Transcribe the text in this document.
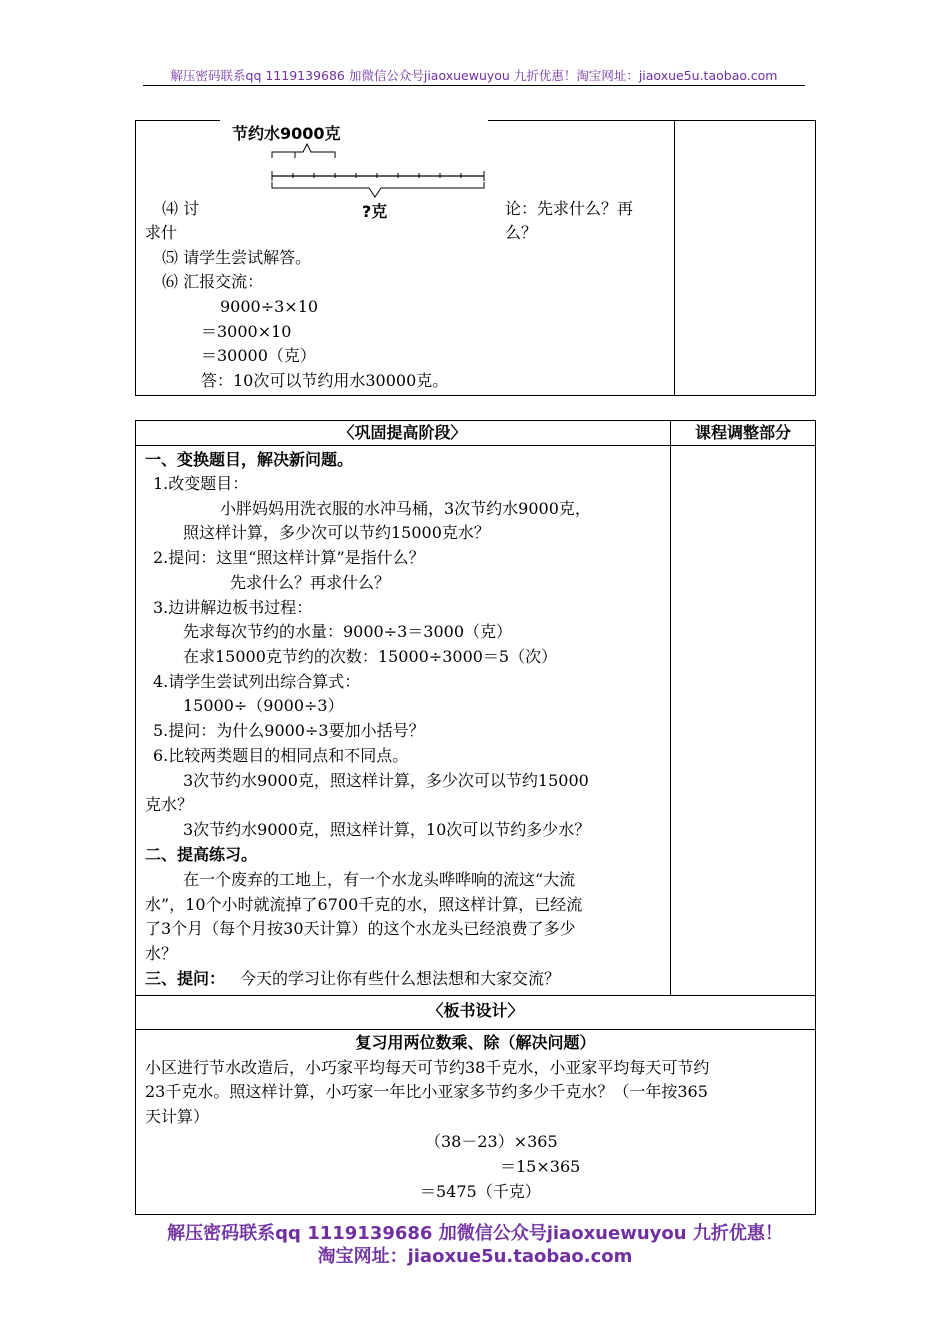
解压密码联系qq 1119139686 加微信公众号jiaoxuewuyou 九折优惠！淘宝网址：jiaoxue5u.taobao.com
节约水9000克
?克
⑷ 讨	论：先求什么？再
求什	么？
⑸ 请学生尝试解答。
⑹ 汇报交流：
9000÷3×10
＝3000×10
＝30000（克）
答：10次可以节约用水30000克。
〈巩固提高阶段〉	课程调整部分
一、变换题目，解决新问题。
1.改变题目：
小胖妈妈用洗衣服的水冲马桶，3次节约水9000克，
照这样计算，多少次可以节约15000克水？
2.提问：这里“照这样计算”是指什么？
先求什么？再求什么？
3.边讲解边板书过程：
先求每次节约的水量：9000÷3＝3000（克）
在求15000克节约的次数：15000÷3000＝5（次）
4.请学生尝试列出综合算式：
15000÷（9000÷3）
5.提问：为什么9000÷3要加小括号？
6.比较两类题目的相同点和不同点。
3次节约水9000克，照这样计算，多少次可以节约15000
克水？
3次节约水9000克，照这样计算，10次可以节约多少水？
二、提高练习。
在一个废弃的工地上，有一个水龙头哗哗响的流这“大流
水”，10个小时就流掉了6700千克的水，照这样计算，已经流
了3个月（每个月按30天计算）的这个水龙头已经浪费了多少
水？
三、提问： 今天的学习让你有些什么想法想和大家交流？
〈板书设计〉
复习用两位数乘、除（解决问题）
小区进行节水改造后，小巧家平均每天可节约38千克水，小亚家平均每天可节约
23千克水。照这样计算，小巧家一年比小亚家多节约多少千克水？（一年按365
天计算）
（38－23）×365
＝15×365
＝5475（千克）
解压密码联系qq 1119139686 加微信公众号jiaoxuewuyou 九折优惠！
淘宝网址：jiaoxue5u.taobao.com
